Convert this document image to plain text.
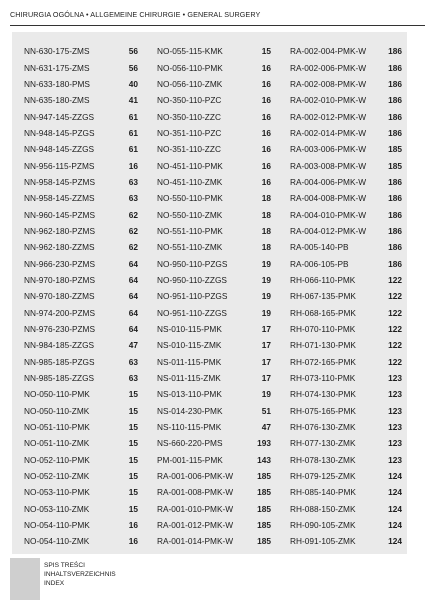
CHIRURGIA OGÓLNA • ALLGEMEINE CHIRURGIE • GENERAL SURGERY
NN-630-175-ZMS	56
NN-631-175-ZMS	56
NN-633-180-PMS	40
NN-635-180-ZMS	41
NN-947-145-ZZGS	61
NN-948-145-PZGS	61
NN-948-145-ZZGS	61
NN-956-115-PZMS	16
NN-958-145-PZMS	63
NN-958-145-ZZMS	63
NN-960-145-PZMS	62
NN-962-180-PZMS	62
NN-962-180-ZZMS	62
NN-966-230-PZMS	64
NN-970-180-PZMS	64
NN-970-180-ZZMS	64
NN-974-200-PZMS	64
NN-976-230-PZMS	64
NN-984-185-ZZGS	47
NN-985-185-PZGS	63
NN-985-185-ZZGS	63
NO-050-110-PMK	15
NO-050-110-ZMK	15
NO-051-110-PMK	15
NO-051-110-ZMK	15
NO-052-110-PMK	15
NO-052-110-ZMK	15
NO-053-110-PMK	15
NO-053-110-ZMK	15
NO-054-110-PMK	16
NO-054-110-ZMK	16
NO-055-115-KMK	15
NO-056-110-PMK	16
NO-056-110-ZMK	16
NO-350-110-PZC	16
NO-350-110-ZZC	16
NO-351-110-PZC	16
NO-351-110-ZZC	16
NO-451-110-PMK	16
NO-451-110-ZMK	16
NO-550-110-PMK	18
NO-550-110-ZMK	18
NO-551-110-PMK	18
NO-551-110-ZMK	18
NO-950-110-PZGS	19
NO-950-110-ZZGS	19
NO-951-110-PZGS	19
NO-951-110-ZZGS	19
NS-010-115-PMK	17
NS-010-115-ZMK	17
NS-011-115-PMK	17
NS-011-115-ZMK	17
NS-013-110-PMK	19
NS-014-230-PMK	51
NS-110-115-PMK	47
NS-660-220-PMS	193
PM-001-115-PMK	143
RA-001-006-PMK-W	185
RA-001-008-PMK-W	185
RA-001-010-PMK-W	185
RA-001-012-PMK-W	185
RA-001-014-PMK-W	185
RA-002-004-PMK-W	186
RA-002-006-PMK-W	186
RA-002-008-PMK-W	186
RA-002-010-PMK-W	186
RA-002-012-PMK-W	186
RA-002-014-PMK-W	186
RA-003-006-PMK-W	185
RA-003-008-PMK-W	185
RA-004-006-PMK-W	186
RA-004-008-PMK-W	186
RA-004-010-PMK-W	186
RA-004-012-PMK-W	186
RA-005-140-PB	186
RA-006-105-PB	186
RH-066-110-PMK	122
RH-067-135-PMK	122
RH-068-165-PMK	122
RH-070-110-PMK	122
RH-071-130-PMK	122
RH-072-165-PMK	122
RH-073-110-PMK	123
RH-074-130-PMK	123
RH-075-165-PMK	123
RH-076-130-ZMK	123
RH-077-130-ZMK	123
RH-078-130-ZMK	123
RH-079-125-ZMK	124
RH-085-140-PMK	124
RH-088-150-ZMK	124
RH-090-105-ZMK	124
RH-091-105-ZMK	124
SPIS TREŚCI
INHALTSVERZEICHNIS
INDEX
